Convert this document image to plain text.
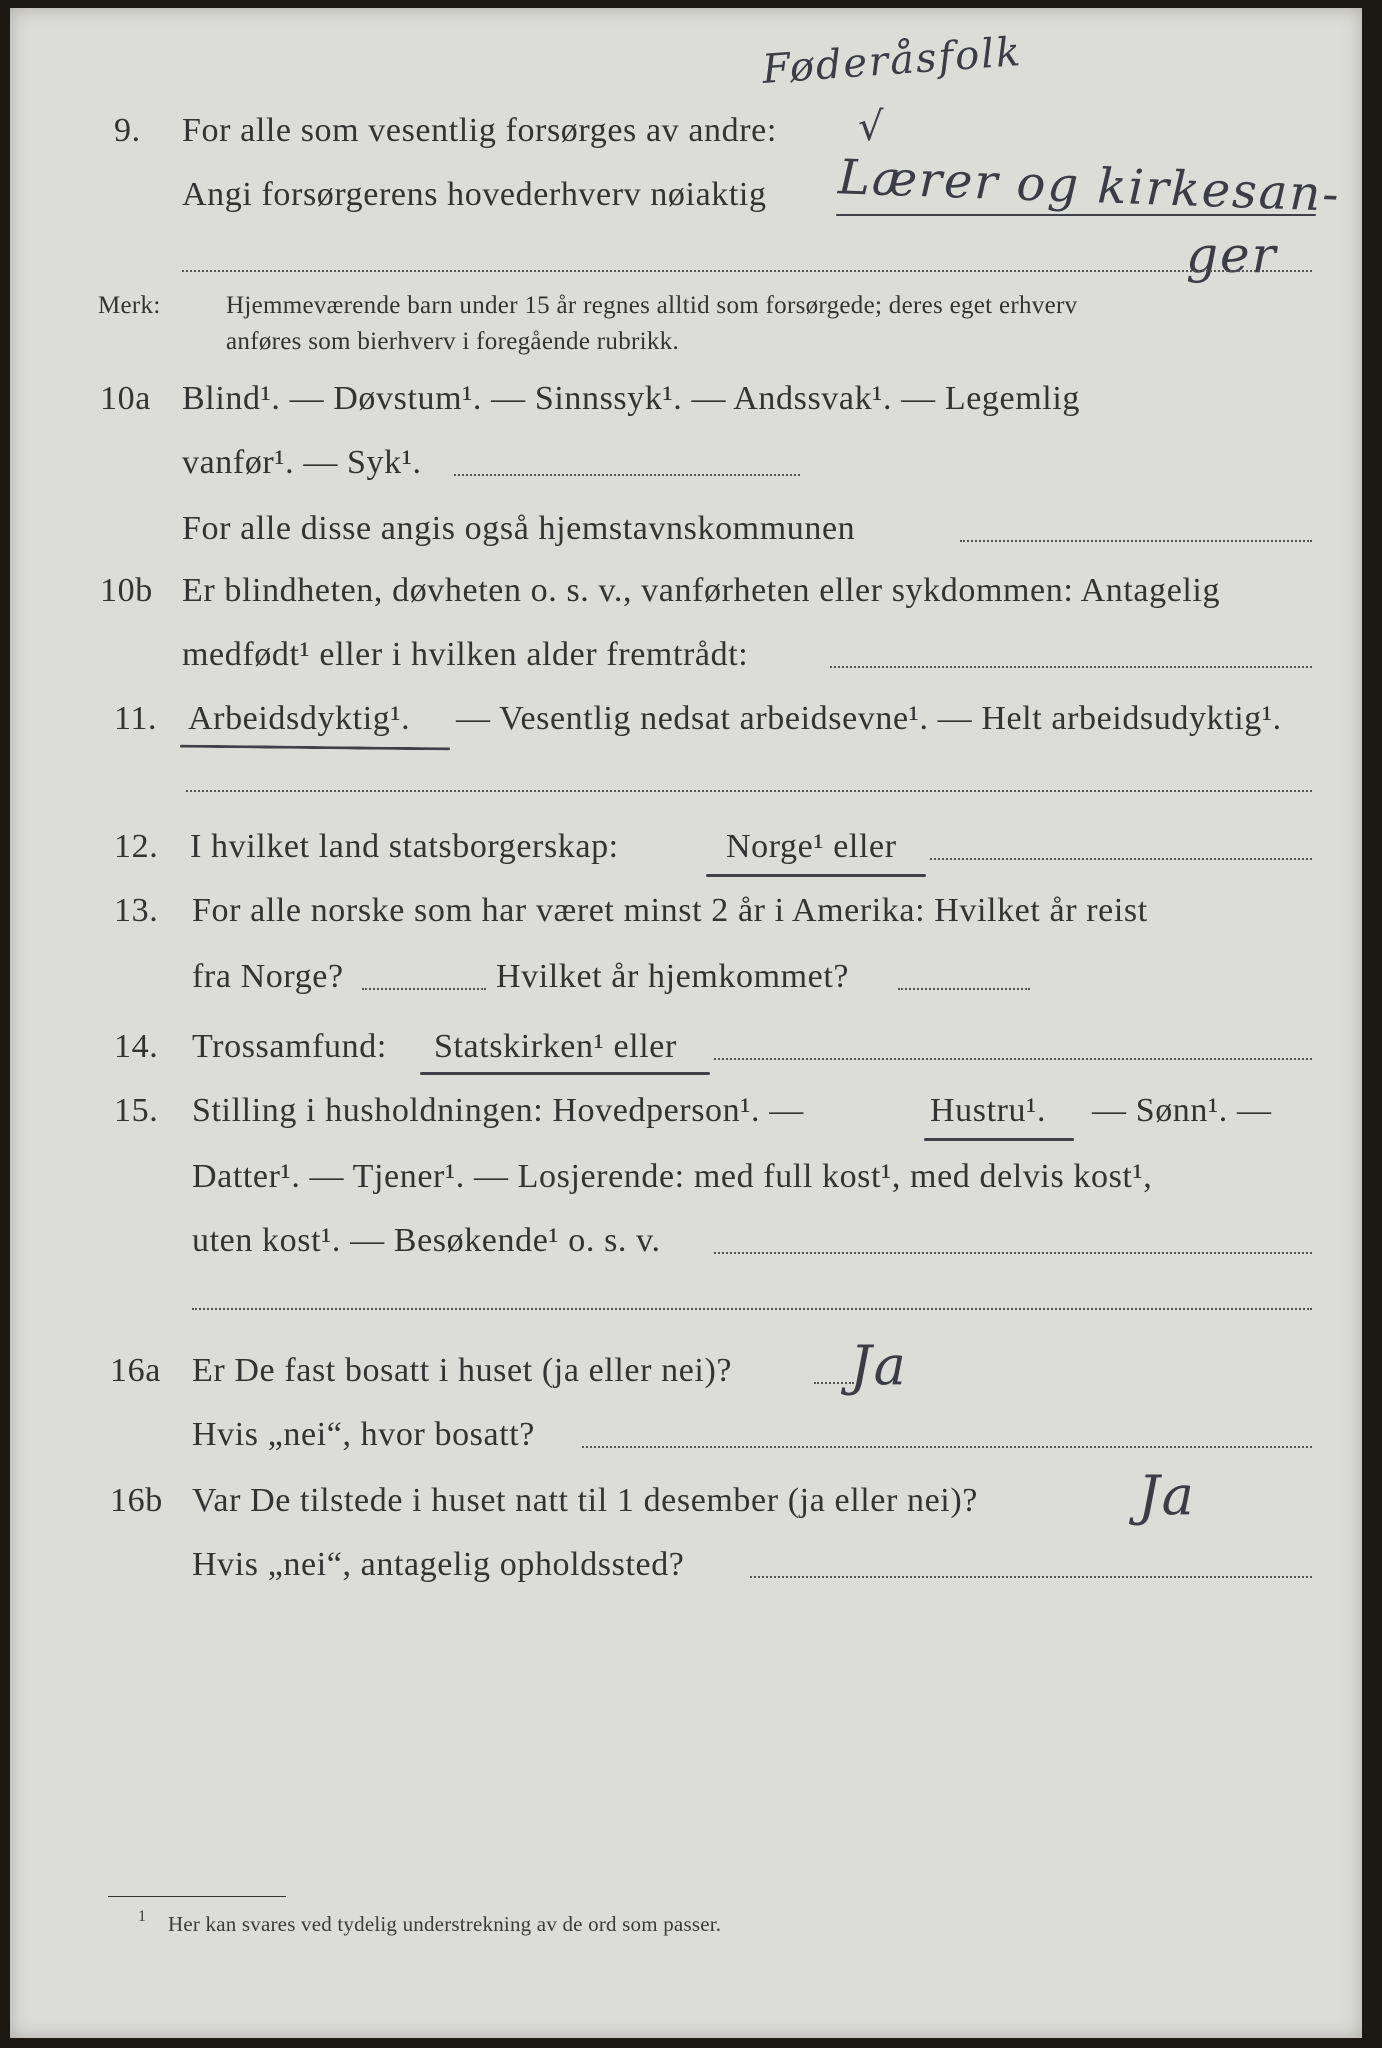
Føderåsfolk
9. For alle som vesentlig forsørges av andre: √
Angi forsørgerens hovederhverv nøiaktig Lærer og kirkesan-
ger
Merk:	Hjemmeværende barn under 15 år regnes alltid som forsørgede; deres eget erhverv
anføres som bierhverv i foregående rubrikk.
10a Blind¹. — Døvstum¹. — Sinnssyk¹. — Andssvak¹. — Legemlig
vanfør¹. — Syk¹.
For alle disse angis også hjemstavnskommunen
10b Er blindheten, døvheten o. s. v., vanførheten eller sykdommen: Antagelig
medfødt¹ eller i hvilken alder fremtrådt:
11. Arbeidsdyktig¹. — Vesentlig nedsat arbeidsevne¹. — Helt arbeidsudyktig¹.
12. I hvilket land statsborgerskap:	Norge¹ eller
13. For alle norske som har været minst 2 år i Amerika: Hvilket år reist
fra Norge?	Hvilket år hjemkommet?
14. Trossamfund: Statskirken¹ eller
15. Stilling i husholdningen: Hovedperson¹. —	Hustru¹. — Sønn¹. —
Datter¹. — Tjener¹. — Losjerende: med full kost¹, med delvis kost¹,
uten kost¹. — Besøkende¹ o. s. v.
16a Er De fast bosatt i huset (ja eller nei)? Ja
Hvis „nei“, hvor bosatt?
16b Var De tilstede i huset natt til 1 desember (ja eller nei)?	Ja
Hvis „nei“, antagelig opholdssted?
1 Her kan svares ved tydelig understrekning av de ord som passer.
